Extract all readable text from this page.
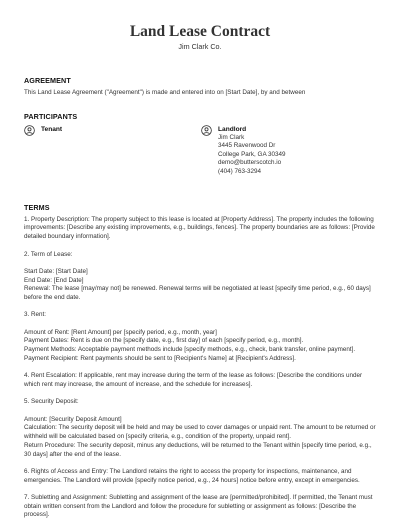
Land Lease Contract
Jim Clark Co.
AGREEMENT
This Land Lease Agreement ("Agreement") is made and entered into on [Start Date], by and between
PARTICIPANTS
Tenant	Landlord
Jim Clark
3445 Ravenwood Dr
College Park, GA 30349
demo@butterscotch.io
(404) 763-3294
TERMS

1. Property Description: The property subject to this lease is located at [Property Address]. The property includes the following improvements: [Describe any existing improvements, e.g., buildings, fences]. The property boundaries are as follows: [Provide detailed boundary information].

2. Term of Lease:

Start Date: [Start Date]

End Date: [End Date]

Renewal: The lease [may/may not] be renewed. Renewal terms will be negotiated at least [specify time period, e.g., 60 days] before the end date.

3. Rent:

Amount of Rent: [Rent Amount] per [specify period, e.g., month, year]

Payment Dates: Rent is due on the [specify date, e.g., first day] of each [specify period, e.g., month].

Payment Methods: Acceptable payment methods include [specify methods, e.g., check, bank transfer, online payment].

Payment Recipient: Rent payments should be sent to [Recipient's Name] at [Recipient's Address].

4. Rent Escalation: If applicable, rent may increase during the term of the lease as follows: [Describe the conditions under which rent may increase, the amount of increase, and the schedule for increases].

5. Security Deposit:

Amount: [Security Deposit Amount]

Calculation: The security deposit will be held and may be used to cover damages or unpaid rent. The amount to be returned or withheld will be calculated based on [specify criteria, e.g., condition of the property, unpaid rent].

Return Procedure: The security deposit, minus any deductions, will be returned to the Tenant within [specify time period, e.g., 30 days] after the end of the lease.

6. Rights of Access and Entry: The Landlord retains the right to access the property for inspections, maintenance, and emergencies. The Landlord will provide [specify notice period, e.g., 24 hours] notice before entry, except in emergencies.

7. Subletting and Assignment: Subletting and assignment of the lease are [permitted/prohibited]. If permitted, the Tenant must obtain written consent from the Landlord and follow the procedure for subletting or assignment as follows: [Describe the process].
